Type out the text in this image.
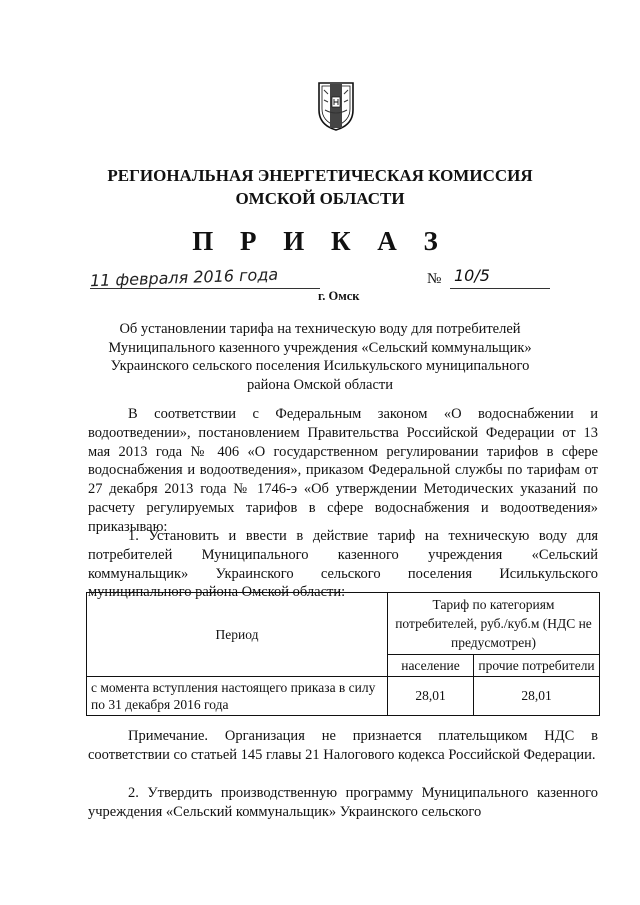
РЕГИОНАЛЬНАЯ ЭНЕРГЕТИЧЕСКАЯ КОМИССИЯ
ОМСКОЙ ОБЛАСТИ
П Р И К А З
11 февраля 2016 года	№ 10/5
г. Омск
Об установлении тарифа на техническую воду для потребителей Муниципального казенного учреждения «Сельский коммунальщик» Украинского сельского поселения Исилькульского муниципального района Омской области

В соответствии с Федеральным законом «О водоснабжении и водоотведении», постановлением Правительства Российской Федерации от 13 мая 2013 года № 406 «О государственном регулировании тарифов в сфере водоснабжения и водоотведения», приказом Федеральной службы по тарифам от 27 декабря 2013 года № 1746-э «Об утверждении Методических указаний по расчету регулируемых тарифов в сфере водоснабжения и водоотведения» приказываю:

1. Установить и ввести в действие тариф на техническую воду для потребителей Муниципального казенного учреждения «Сельский коммунальщик» Украинского сельского поселения Исилькульского муниципального района Омской области:

Период	Тариф по категориям потребителей, руб./куб.м (НДС не предусмотрен)	
	население	прочие потребители
с момента вступления настоящего приказа в силу по 31 декабря 2016 года	28,01	28,01

Примечание. Организация не признается плательщиком НДС в соответствии со статьей 145 главы 21 Налогового кодекса Российской Федерации.

2. Утвердить производственную программу Муниципального казенного учреждения «Сельский коммунальщик» Украинского сельского
